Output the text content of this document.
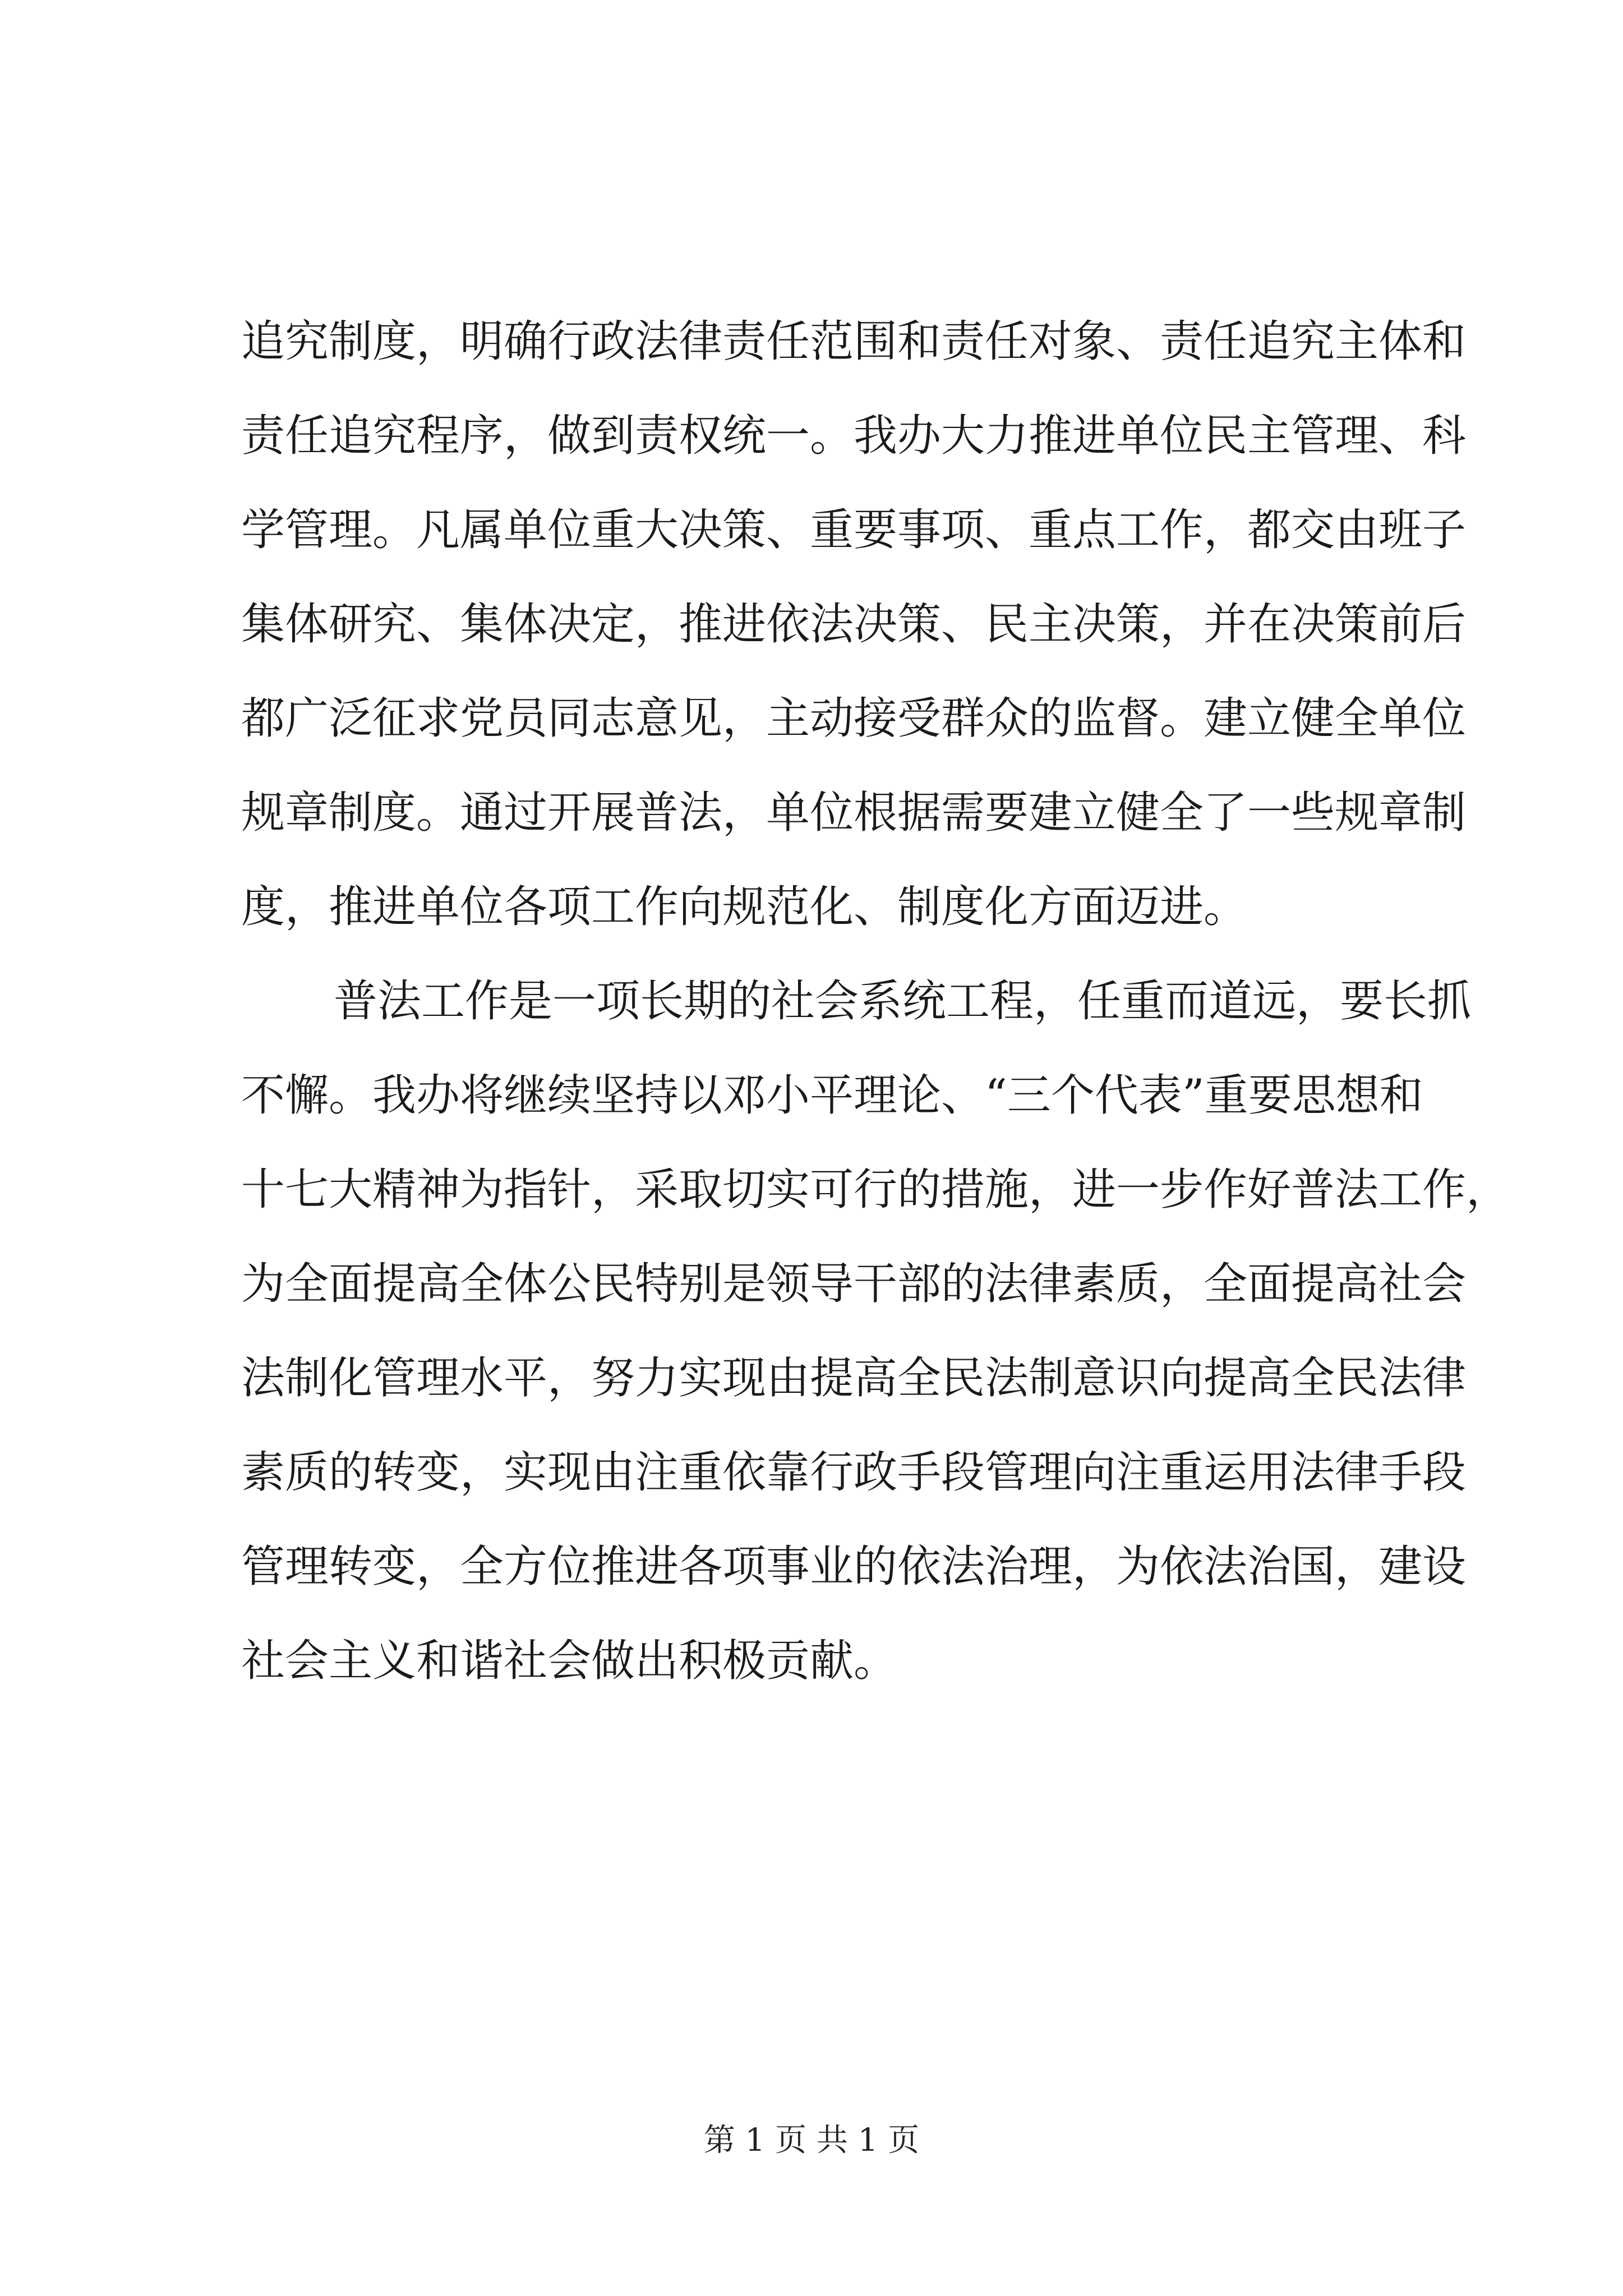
追究制度，明确行政法律责任范围和责任对象、责任追究主体和
责任追究程序，做到责权统一。我办大力推进单位民主管理、科
学管理。凡属单位重大决策、重要事项、重点工作，都交由班子
集体研究、集体决定，推进依法决策、民主决策，并在决策前后
都广泛征求党员同志意见，主动接受群众的监督。建立健全单位
规章制度。通过开展普法，单位根据需要建立健全了一些规章制
度，推进单位各项工作向规范化、制度化方面迈进。
普法工作是一项长期的社会系统工程，任重而道远，要长抓
不懈。我办将继续坚持以邓小平理论、“三个代表”重要思想和
十七大精神为指针，采取切实可行的措施，进一步作好普法工作，
为全面提高全体公民特别是领导干部的法律素质，全面提高社会
法制化管理水平，努力实现由提高全民法制意识向提高全民法律
素质的转变，实现由注重依靠行政手段管理向注重运用法律手段
管理转变，全方位推进各项事业的依法治理，为依法治国，建设
社会主义和谐社会做出积极贡献。
第 1 页 共 1 页
